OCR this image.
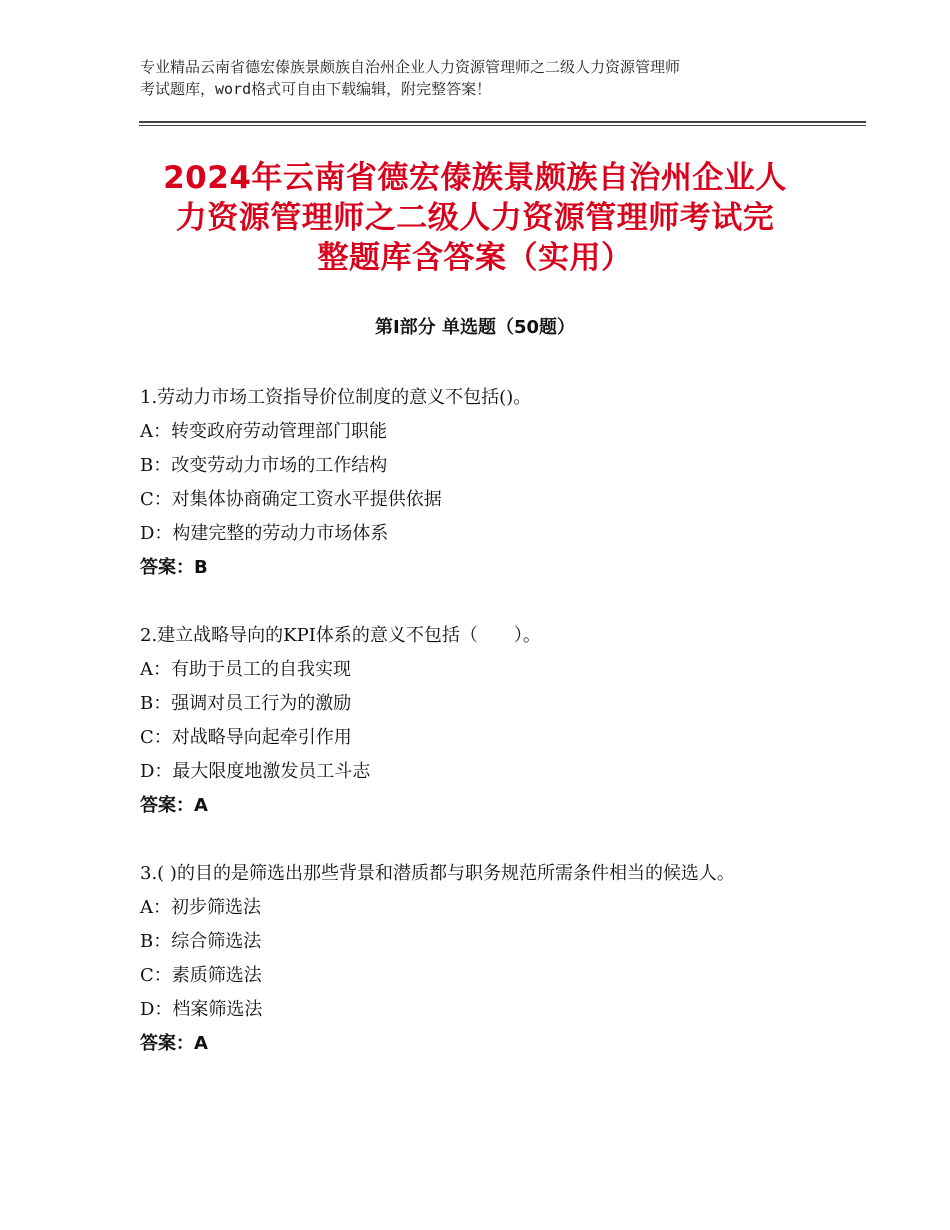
专业精品云南省德宏傣族景颇族自治州企业人力资源管理师之二级人力资源管理师
考试题库，word格式可自由下载编辑，附完整答案！
2024年云南省德宏傣族景颇族自治州企业人
力资源管理师之二级人力资源管理师考试完
整题库含答案（实用）
第Ⅰ部分 单选题（50题）

1.劳动力市场工资指导价位制度的意义不包括()。

A：转变政府劳动管理部门职能

B：改变劳动力市场的工作结构

C：对集体协商确定工资水平提供依据

D：构建完整的劳动力市场体系

答案：B

2.建立战略导向的KPI体系的意义不包括（　　）。

A：有助于员工的自我实现

B：强调对员工行为的激励

C：对战略导向起牵引作用

D：最大限度地激发员工斗志

答案：A

3.( )的目的是筛选出那些背景和潜质都与职务规范所需条件相当的候选人。

A：初步筛选法

B：综合筛选法

C：素质筛选法

D：档案筛选法

答案：A
